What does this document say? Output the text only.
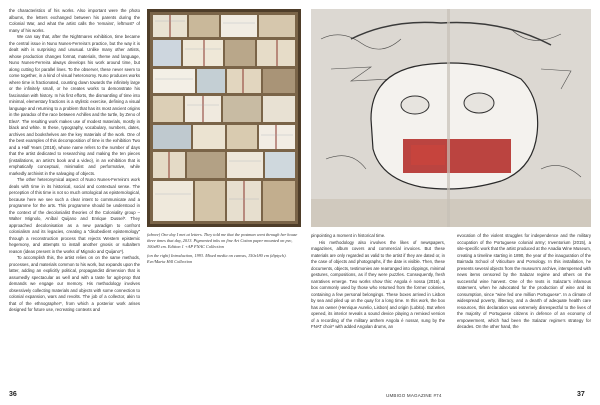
the characteristics of his works. Also important were the photo albums, the letters exchanged between his parents during the Colonial War, and what the artist calls the ‘remains’, leftmost* of many of his works.

We can say that, after the Nightmares exhibition, time became the central issue in Nuno Nunes-Ferreira’s practice, but the way it is dealt with is surprising and unusual. Unlike many other artists, whose production changes format, materials, theme and language, Nuno Nunes-Ferreira always develops his work around time, but along cutting for parallel lines. To the observer, these never seem to come together, in a kind of visual heteronomy. Nuno produces works where time is fractionated, counting down towards the infinitely large or the infinitely small, or he creates works to demonstrate his fascination with history. In his first efforts, the dismantling of time into minimal, elementary fractions is a stylistic exercise, defining a visual language and returning to a problem that has its most ancient origins in the paradox of the race between Achilles and the turtle, by Zeno of Elea*. The resulting work makes use of modest materials, mostly in black and white. In these, typography, vocabulary, numbers, dates, archives and bookshelves are the key materials of the work. One of the best examples of this decomposition of time is the exhibition Two and a Half Years (2018), whose name refers to the number of days that the artist dedicated to researching and making the ten pieces (installations, an artist’s book and a video), in an exhibition that is emphatically conceptual, minimalist and performative, while markedly archivist in the salvaging of objects.

The other heteronymical aspect of Nuno Nunes-Ferreira’s work deals with time in its historical, social and contextual sense. The perception of this time is not so much ontological as epistemological, because here we see such a clear intent to communicate and a programme for the arts. This programme should be understood in the context of the decolonialist theories of the Coloniality group – Walter Mignolo, Aníbal Quijano and Enrique Dussel*. They approached decolonisation as a new paradigm to confront colonialism and its legacies, creating a “disobedient epistemology” through a reconstruction process that rejects Western epistemic hegemony, and attempts to install another gnosis or subaltern reason (ideas present in the works of Mignolo and Quijano*).

To accomplish this, the artist relies on on the same methods, processes, and materials common to his work, but expands upon the latter, adding an explicitly political, propagandist dimension that is assumedly spectacular as well and with a taste for agit-prop that demands we engage our memory. His methodology involves obsessively collecting materials and objects with some connection to colonial expansion, wars and revolts. The job of a collector, akin to that of the ethnographer*, from which a posterior work arises designed for future use, recreating contexts and

(above) One day I met at letters. They told me that the postman went through her house three times that day, 2013. Pigmented inks on fine Art Cotton paper mounted on pvc, 100x80 cm. Edition 1 +AP FNAC Collection

(on the right) Introduction, 1993. Mixed media on canvas, 150x180 cm (diptych). Eve/Maria Hill Collection

36

pinpointing a moment in historical time.

His methodology also involves the likes of newspapers, magazines, album covers and commercial invoices. But these materials are only regarded as valid to the artist if they are dated or, in the case of objects and photographs, if the date is visible. Then, these documents, objects, testimonies are rearranged into clippings, minimal gestures, compositions, as if they were puzzles. Consequently, fresh narratives emerge. Two works show this: Angola é nossa (2016), a box commonly used by those who returned from the former colonies, containing a few personal belongings. These boxes arrived in Lisbon by sea and piled up on the quay for a long time. In this work, the box has an owner (Henrique Aurelio, Lisbon) and origin (Lobito). But when opened, its interior reveals a sound device playing a remixed version of a recording of the military anthem Angola é nossa!, sung by the FNAT choir* with added Angolan drums, an

evocation of the violent struggles for independence and the military occupation of the Portuguese colonial army; Inventorium (2015), a site-specific work that the artist produced at the Anadia Wine Museum, creating a timeline starting in 1890, the year of the inauguration of the Bairrada School of Viticulture and Pomology. In this installation, he presents several objects from the museum’s archive, interspersed with news items censored by the Salazar regime and others on the successful wine harvest. One of the texts is Salazar’s infamous statement, when he advocated for the production of wine and its consumption, since “wine fed one million Portuguese”. In a climate of widespread poverty, illiteracy, and a dearth of adequate health care resources, this declaration was extremely disrespectful to the lives of the majority of Portuguese citizens in defence of an economy of empowerment, which had been the Salazar regime’s strategy for decades. On the other hand, the

UMBIGO MAGAZINE #74	37
